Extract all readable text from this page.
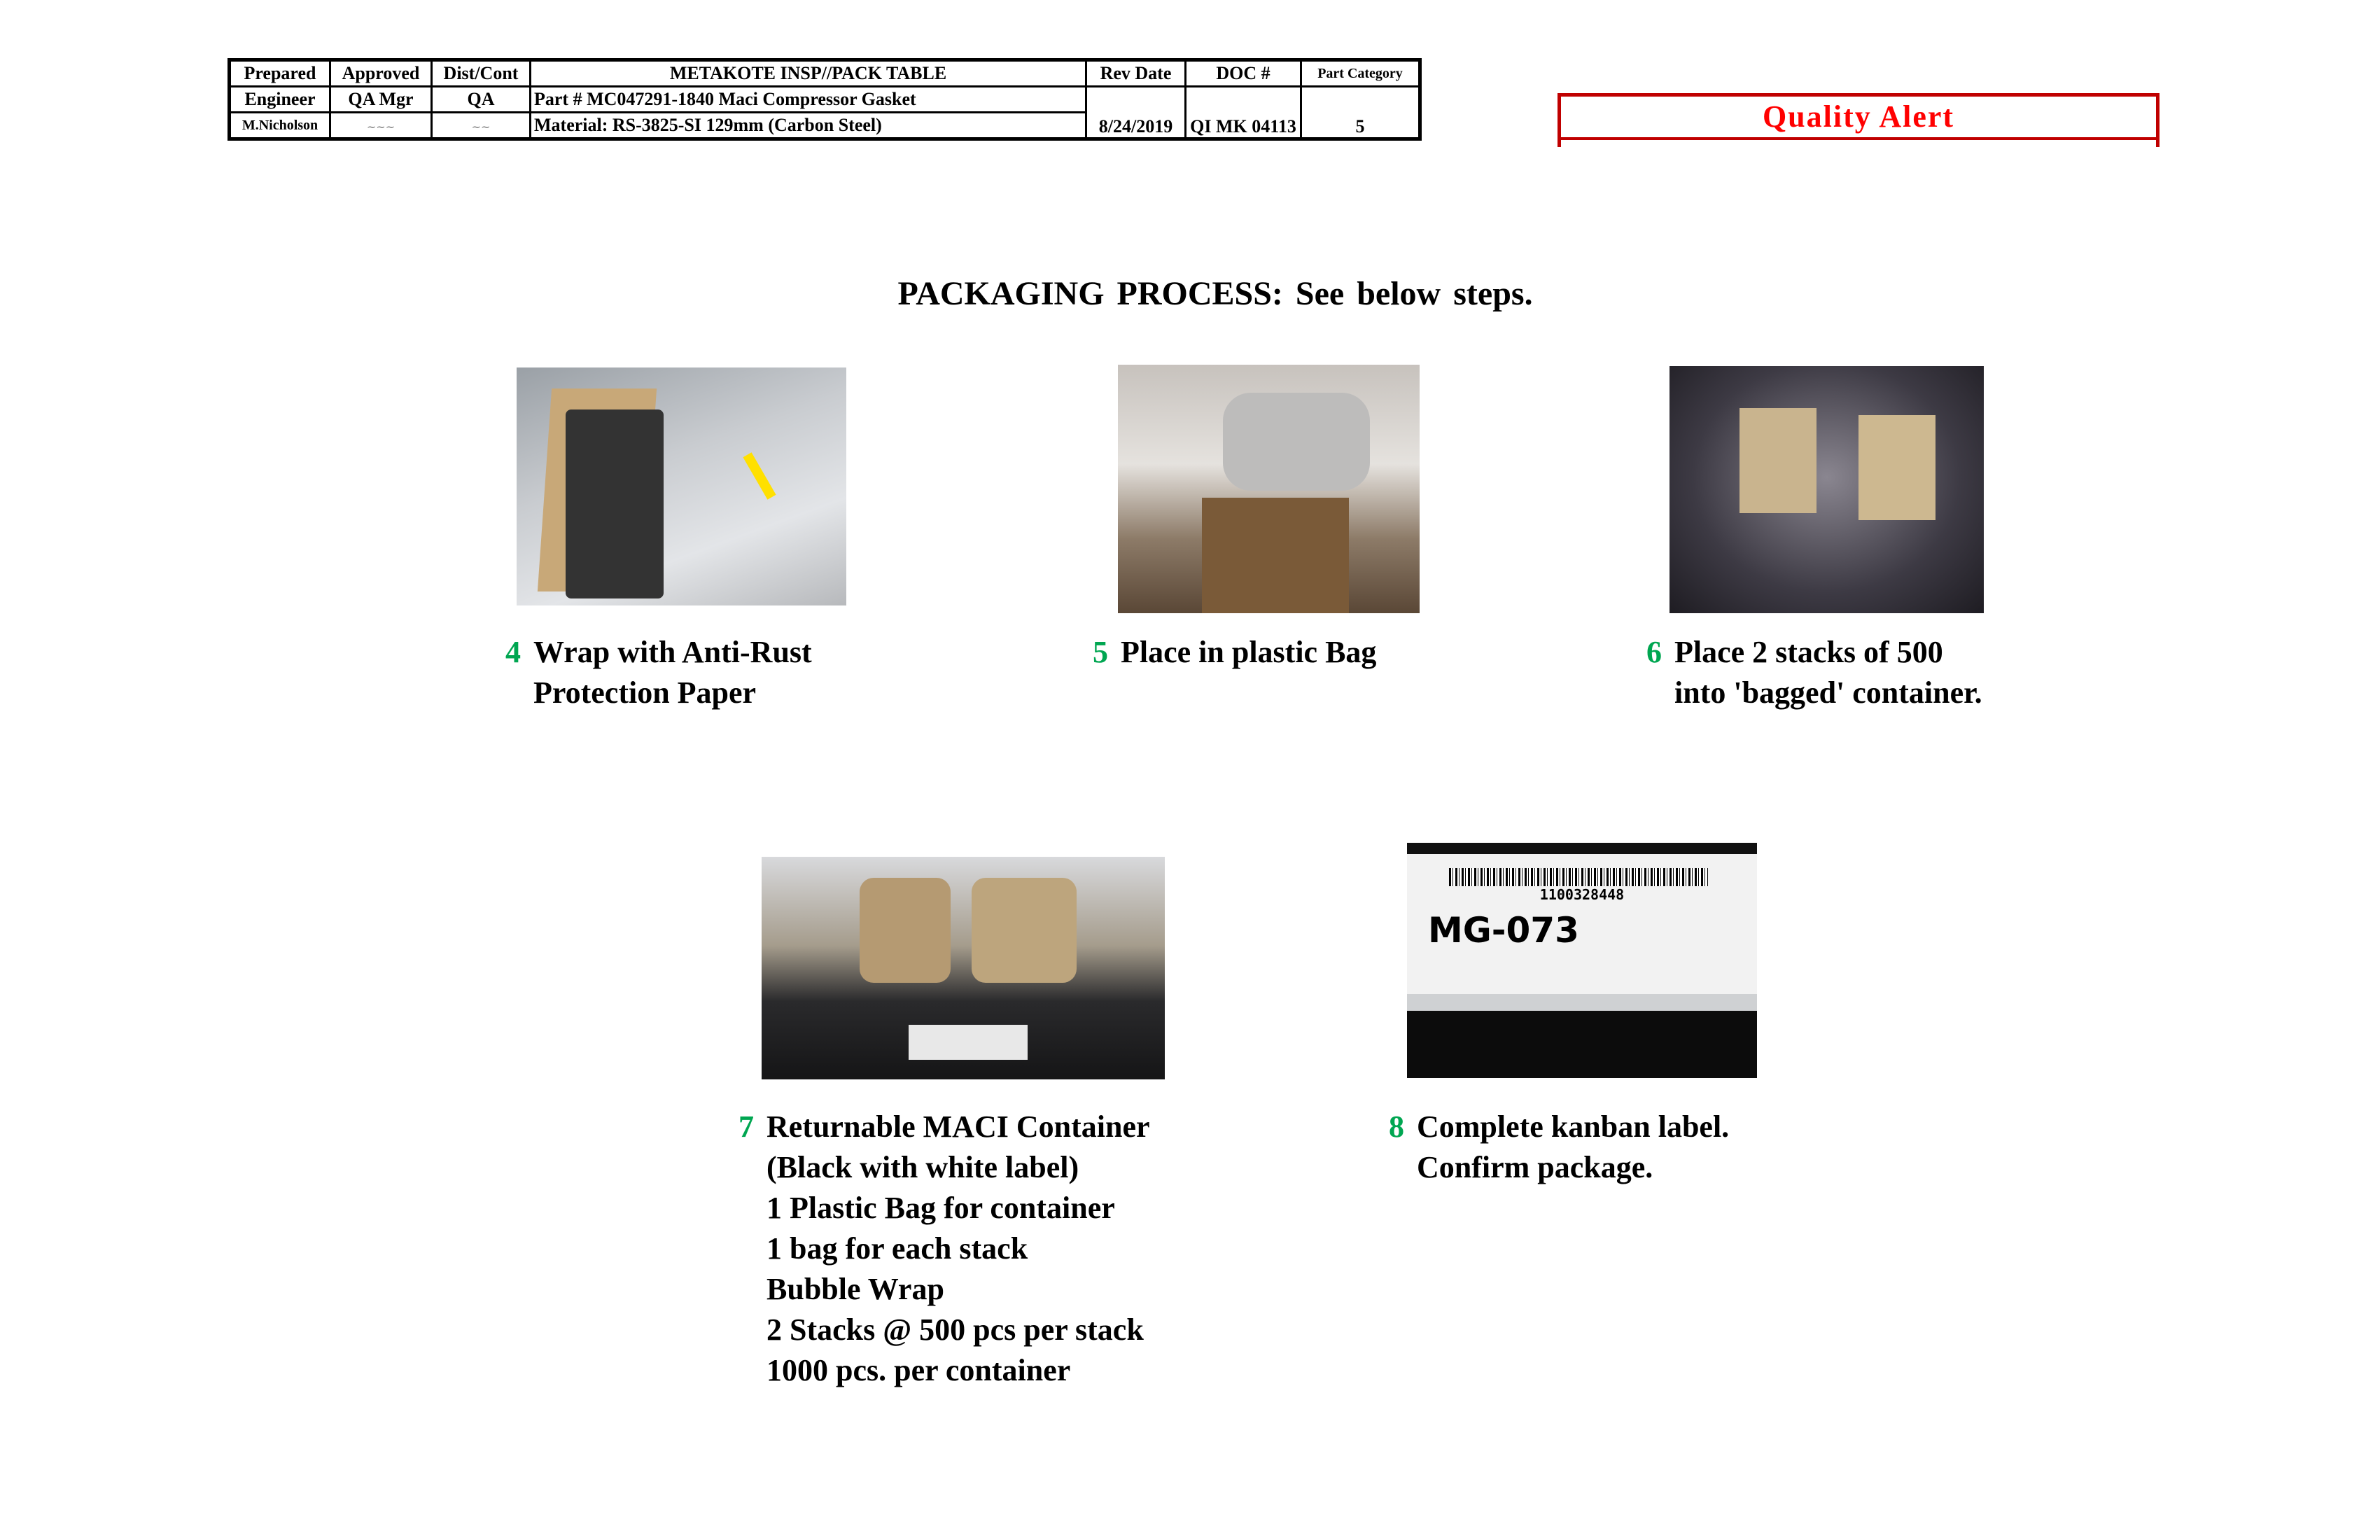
Prepared	Approved	Dist/Cont	METAKOTE INSP//PACK TABLE	Rev Date	DOC #	Part Category
Engineer	QA Mgr	QA	Part # MC047291-1840 Maci Compressor Gasket	8/24/2019	QI MK 04113	5
M.Nicholson	~~~	~~	Material: RS-3825-SI 129mm (Carbon Steel)				Quality Alert
PACKAGING PROCESS: See below steps.
1100328448
MG-073
4 Wrap with Anti-Rust
Protection Paper
5 Place in plastic Bag	6 Place 2 stacks of 500
into 'bagged' container.
7 Returnable MACI Container
(Black with white label)
1 Plastic Bag for container
1 bag for each stack
Bubble Wrap
2 Stacks @ 500 pcs per stack
1000 pcs. per container
8 Complete kanban label.
Confirm package.
